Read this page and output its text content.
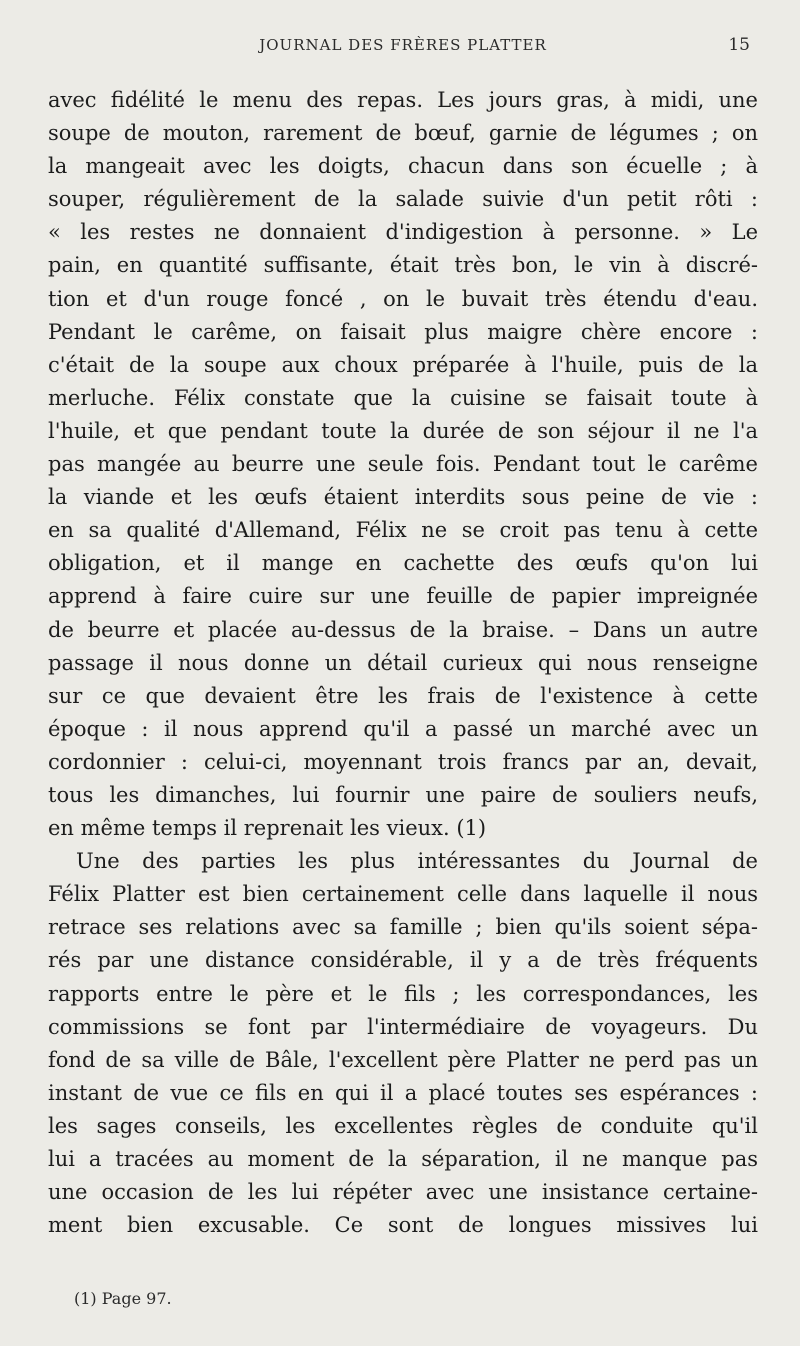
JOURNAL DES FRÈRES PLATTER	15
avec fidélité le menu des repas. Les jours gras, à midi, une
soupe de mouton, rarement de bœuf, garnie de légumes ; on
la mangeait avec les doigts, chacun dans son écuelle ; à
souper, régulièrement de la salade suivie d'un petit rôti :
« les restes ne donnaient d'indigestion à personne. » Le
pain, en quantité suffisante, était très bon, le vin à discré-
tion et d'un rouge foncé , on le buvait très étendu d'eau.
Pendant le carême, on faisait plus maigre chère encore :
c'était de la soupe aux choux préparée à l'huile, puis de la
merluche. Félix constate que la cuisine se faisait toute à
l'huile, et que pendant toute la durée de son séjour il ne l'a
pas mangée au beurre une seule fois. Pendant tout le carême
la viande et les œufs étaient interdits sous peine de vie :
en sa qualité d'Allemand, Félix ne se croit pas tenu à cette
obligation, et il mange en cachette des œufs qu'on lui
apprend à faire cuire sur une feuille de papier impreignée
de beurre et placée au-dessus de la braise. – Dans un autre
passage il nous donne un détail curieux qui nous renseigne
sur ce que devaient être les frais de l'existence à cette
époque : il nous apprend qu'il a passé un marché avec un
cordonnier : celui-ci, moyennant trois francs par an, devait,
tous les dimanches, lui fournir une paire de souliers neufs,
en même temps il reprenait les vieux. (1)
Une des parties les plus intéressantes du Journal de
Félix Platter est bien certainement celle dans laquelle il nous
retrace ses relations avec sa famille ; bien qu'ils soient sépa-
rés par une distance considérable, il y a de très fréquents
rapports entre le père et le fils ; les correspondances, les
commissions se font par l'intermédiaire de voyageurs. Du
fond de sa ville de Bâle, l'excellent père Platter ne perd pas un
instant de vue ce fils en qui il a placé toutes ses espérances :
les sages conseils, les excellentes règles de conduite qu'il
lui a tracées au moment de la séparation, il ne manque pas
une occasion de les lui répéter avec une insistance certaine-
ment bien excusable. Ce sont de longues missives lui
(1) Page 97.
